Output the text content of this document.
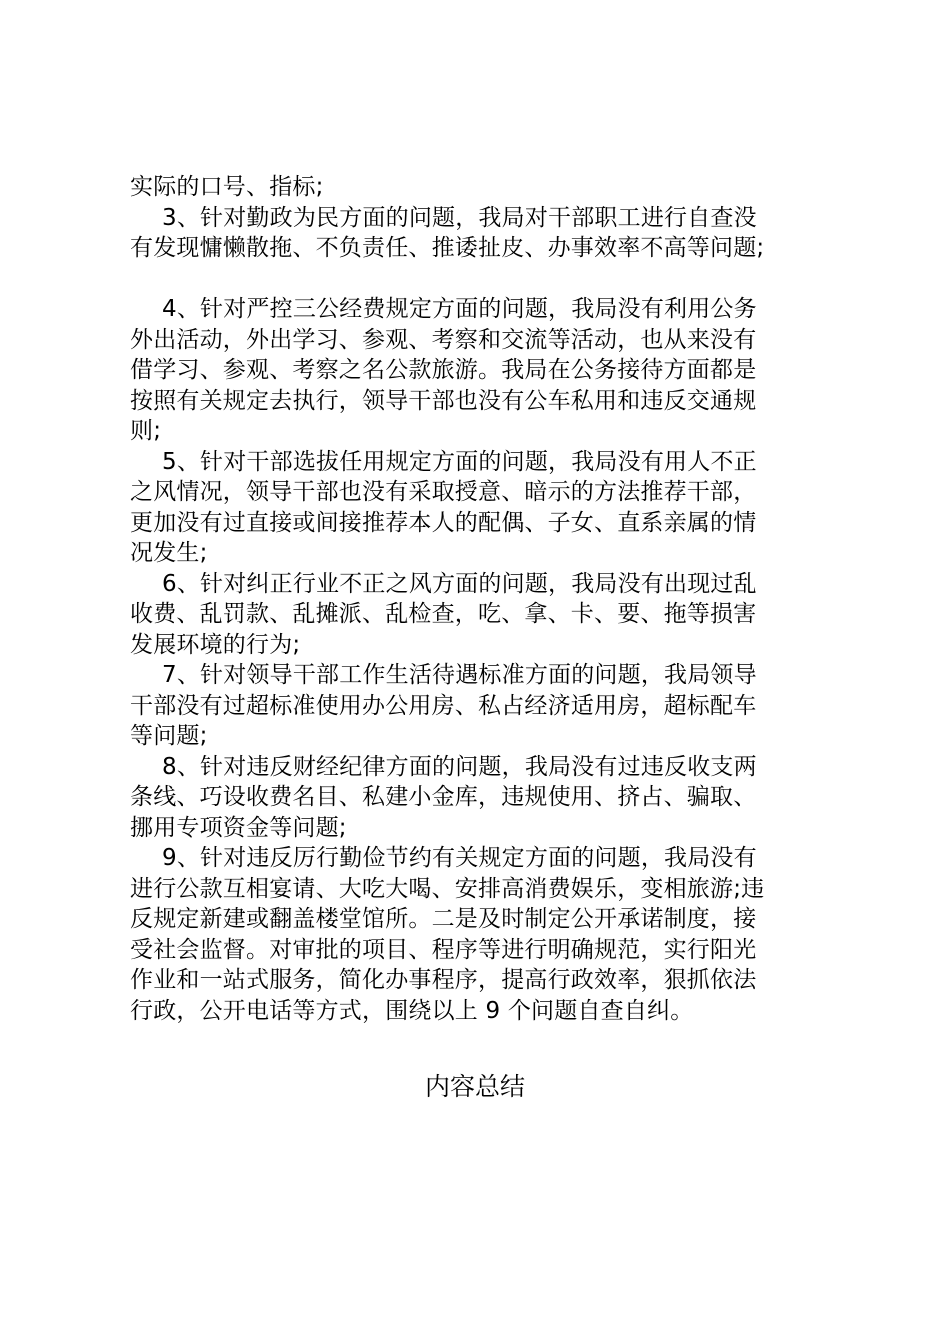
实际的口号、指标;
3、针对勤政为民方面的问题，我局对干部职工进行自查没
有发现慵懒散拖、不负责任、推诿扯皮、办事效率不高等问题;
4、针对严控三公经费规定方面的问题，我局没有利用公务
外出活动，外出学习、参观、考察和交流等活动，也从来没有
借学习、参观、考察之名公款旅游。我局在公务接待方面都是
按照有关规定去执行，领导干部也没有公车私用和违反交通规
则;
5、针对干部选拔任用规定方面的问题，我局没有用人不正
之风情况，领导干部也没有采取授意、暗示的方法推荐干部，
更加没有过直接或间接推荐本人的配偶、子女、直系亲属的情
况发生;
6、针对纠正行业不正之风方面的问题，我局没有出现过乱
收费、乱罚款、乱摊派、乱检查，吃、拿、卡、要、拖等损害
发展环境的行为;
7、针对领导干部工作生活待遇标准方面的问题，我局领导
干部没有过超标准使用办公用房、私占经济适用房，超标配车
等问题;
8、针对违反财经纪律方面的问题，我局没有过违反收支两
条线、巧设收费名目、私建小金库，违规使用、挤占、骗取、
挪用专项资金等问题;
9、针对违反厉行勤俭节约有关规定方面的问题，我局没有
进行公款互相宴请、大吃大喝、安排高消费娱乐，变相旅游;违
反规定新建或翻盖楼堂馆所。二是及时制定公开承诺制度，接
受社会监督。对审批的项目、程序等进行明确规范，实行阳光
作业和一站式服务，简化办事程序，提高行政效率，狠抓依法
行政，公开电话等方式，围绕以上 9 个问题自查自纠。
内容总结
